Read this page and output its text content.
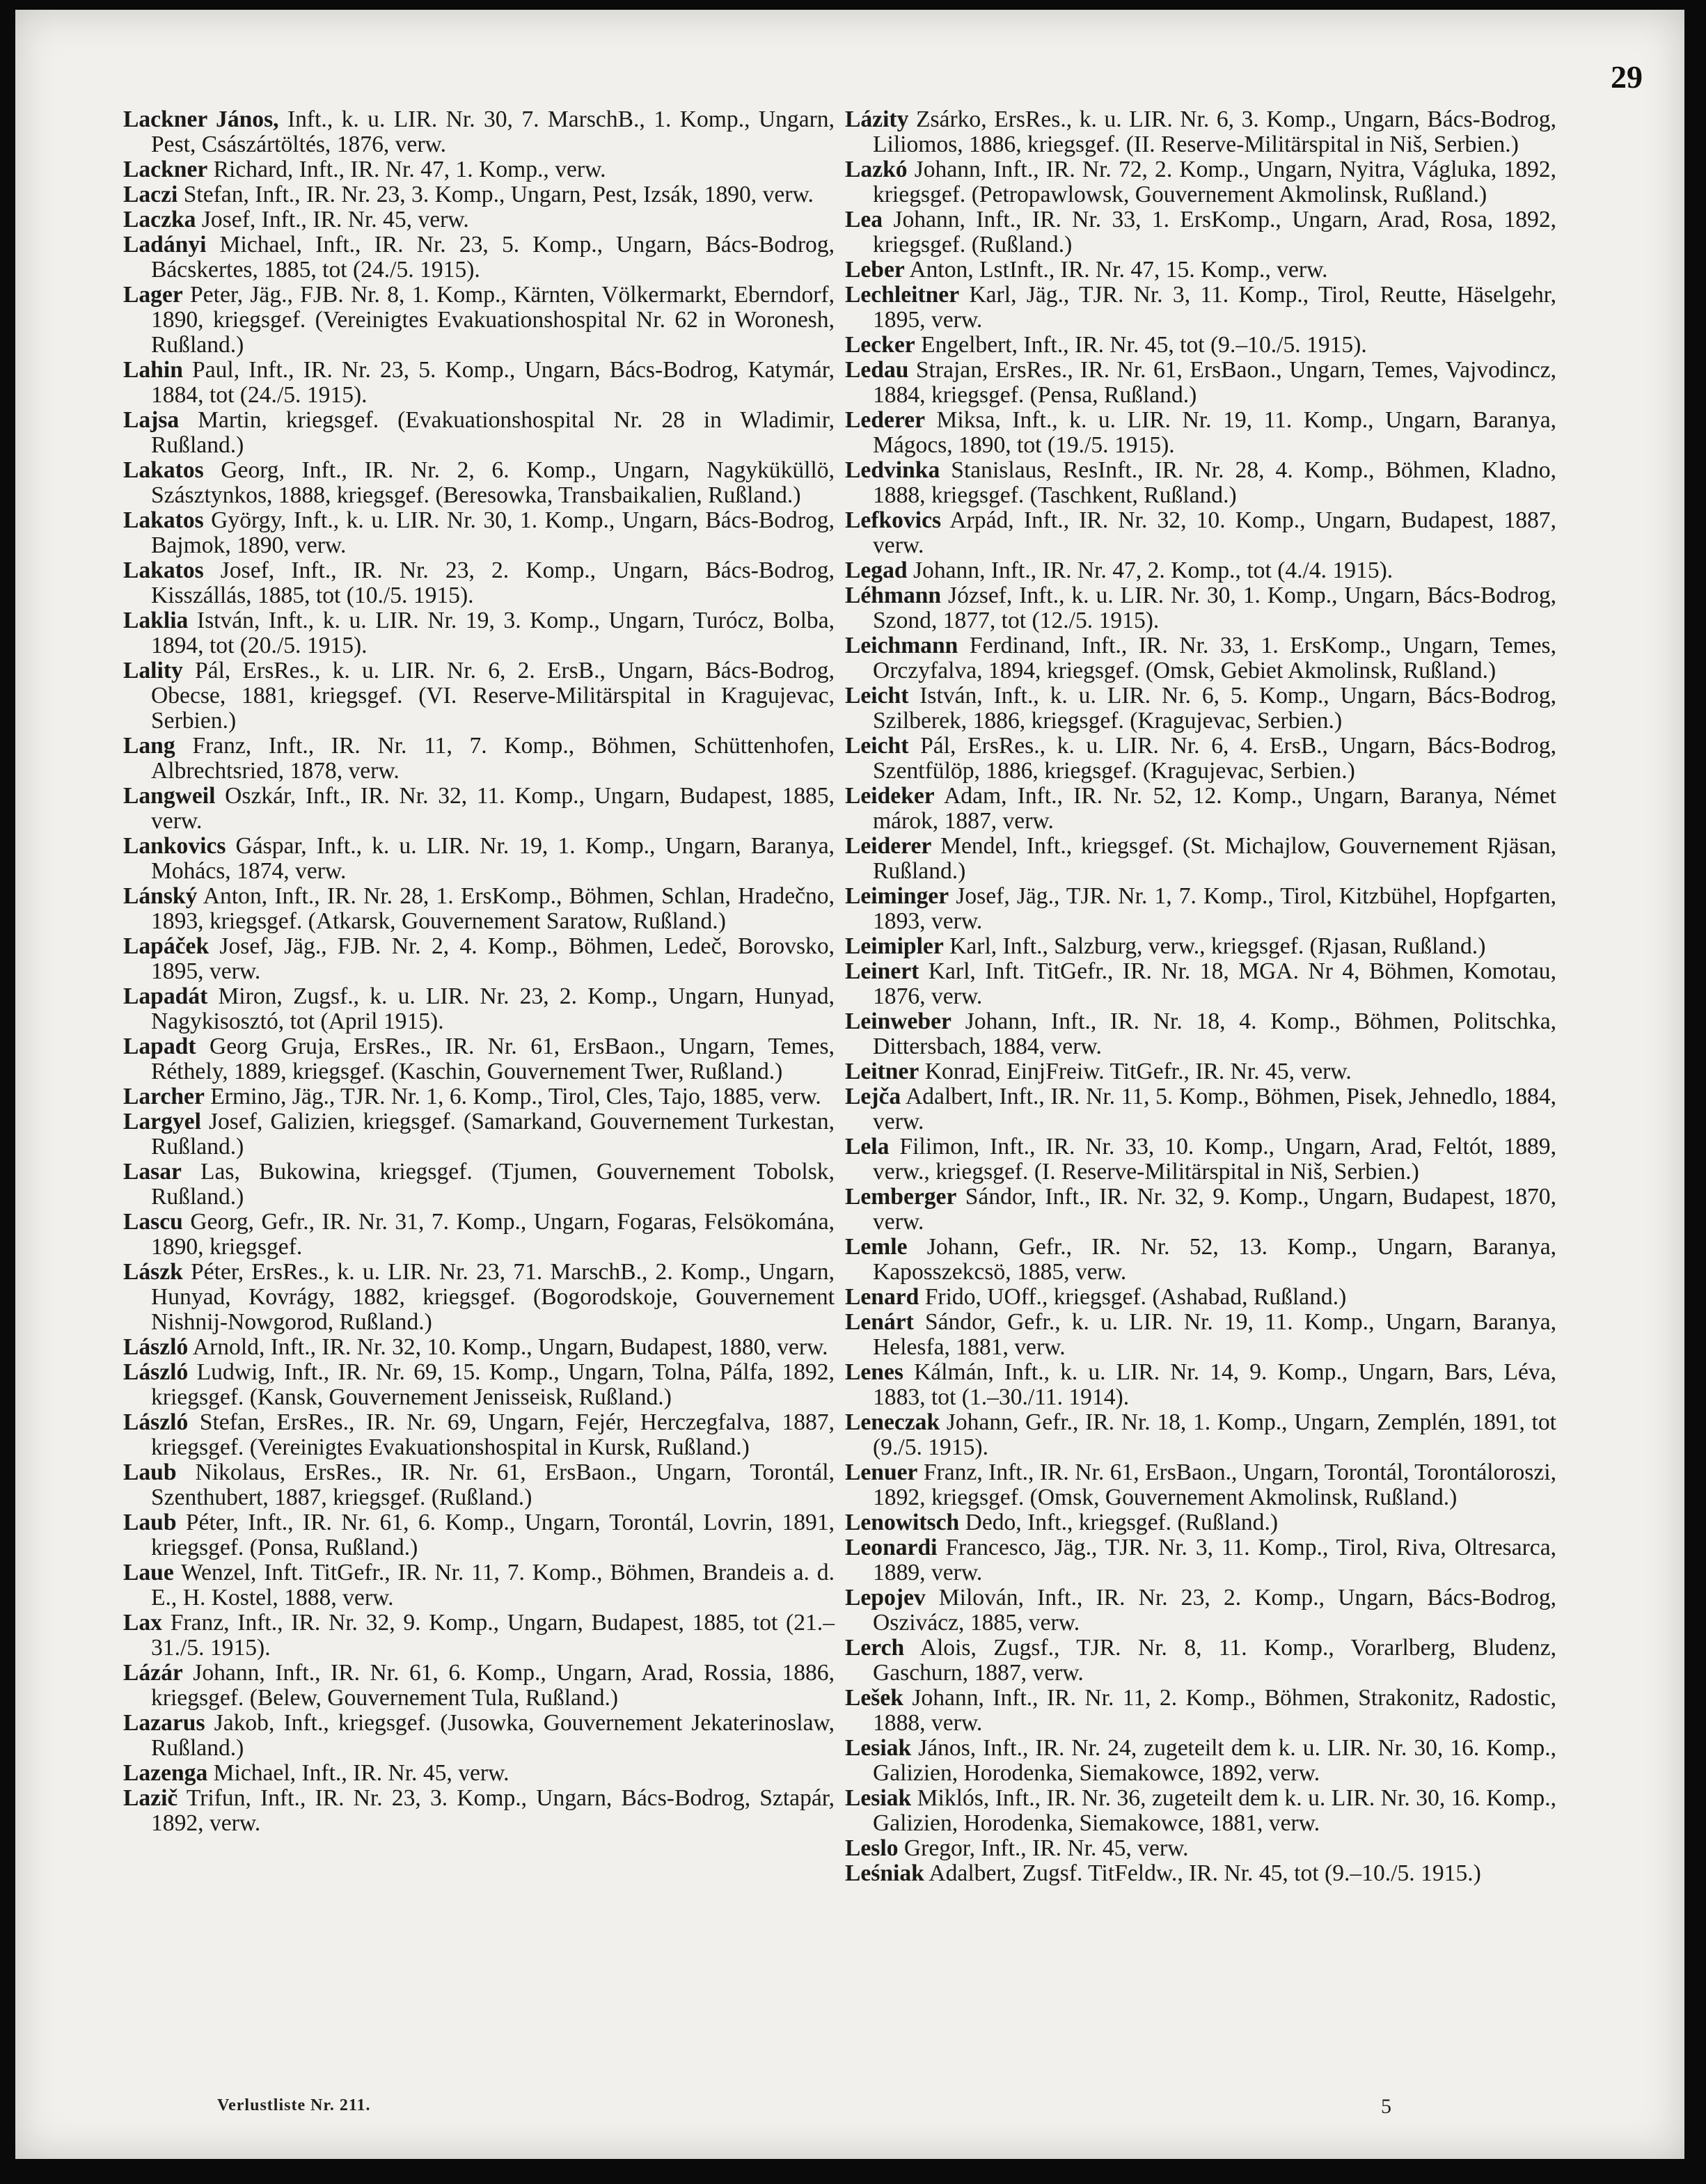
29

Lackner János, Inft., k. u. LIR. Nr. 30, 7. MarschB., 1. Komp., Ungarn, Pest, Császártöltés, 1876, verw.

Lackner Richard, Inft., IR. Nr. 47, 1. Komp., verw.

Laczi Stefan, Inft., IR. Nr. 23, 3. Komp., Ungarn, Pest, Izsák, 1890, verw.

Laczka Josef, Inft., IR. Nr. 45, verw.

Ladányi Michael, Inft., IR. Nr. 23, 5. Komp., Ungarn, Bács-Bodrog, Bácskertes, 1885, tot (24./5. 1915).

Lager Peter, Jäg., FJB. Nr. 8, 1. Komp., Kärnten, Völkermarkt, Eberndorf, 1890, kriegsgef. (Vereinigtes Evakuationshospital Nr. 62 in Woronesh, Rußland.)

Lahin Paul, Inft., IR. Nr. 23, 5. Komp., Ungarn, Bács-Bodrog, Katymár, 1884, tot (24./5. 1915).

Lajsa Martin, kriegsgef. (Evakuationshospital Nr. 28 in Wladimir, Rußland.)

Lakatos Georg, Inft., IR. Nr. 2, 6. Komp., Ungarn, Nagyküküllö, Szásztynkos, 1888, kriegsgef. (Beresowka, Transbaikalien, Rußland.)

Lakatos György, Inft., k. u. LIR. Nr. 30, 1. Komp., Ungarn, Bács-Bodrog, Bajmok, 1890, verw.

Lakatos Josef, Inft., IR. Nr. 23, 2. Komp., Ungarn, Bács-Bodrog, Kisszállás, 1885, tot (10./5. 1915).

Laklia István, Inft., k. u. LIR. Nr. 19, 3. Komp., Ungarn, Turócz, Bolba, 1894, tot (20./5. 1915).

Lality Pál, ErsRes., k. u. LIR. Nr. 6, 2. ErsB., Ungarn, Bács-Bodrog, Obecse, 1881, kriegsgef. (VI. Reserve-Militärspital in Kragujevac, Serbien.)

Lang Franz, Inft., IR. Nr. 11, 7. Komp., Böhmen, Schüttenhofen, Albrechtsried, 1878, verw.

Langweil Oszkár, Inft., IR. Nr. 32, 11. Komp., Ungarn, Budapest, 1885, verw.

Lankovics Gáspar, Inft., k. u. LIR. Nr. 19, 1. Komp., Ungarn, Baranya, Mohács, 1874, verw.

Lánský Anton, Inft., IR. Nr. 28, 1. ErsKomp., Böhmen, Schlan, Hradečno, 1893, kriegsgef. (Atkarsk, Gouvernement Saratow, Rußland.)

Lapáček Josef, Jäg., FJB. Nr. 2, 4. Komp., Böhmen, Ledeč, Borovsko, 1895, verw.

Lapadát Miron, Zugsf., k. u. LIR. Nr. 23, 2. Komp., Ungarn, Hunyad, Nagykisosztó, tot (April 1915).

Lapadt Georg Gruja, ErsRes., IR. Nr. 61, ErsBaon., Ungarn, Temes, Réthely, 1889, kriegsgef. (Kaschin, Gouvernement Twer, Rußland.)

Larcher Ermino, Jäg., TJR. Nr. 1, 6. Komp., Tirol, Cles, Tajo, 1885, verw.

Largyel Josef, Galizien, kriegsgef. (Samarkand, Gouvernement Turkestan, Rußland.)

Lasar Las, Bukowina, kriegsgef. (Tjumen, Gouvernement Tobolsk, Rußland.)

Lascu Georg, Gefr., IR. Nr. 31, 7. Komp., Ungarn, Fogaras, Felsökomána, 1890, kriegsgef.

Lászk Péter, ErsRes., k. u. LIR. Nr. 23, 71. MarschB., 2. Komp., Ungarn, Hunyad, Kovrágy, 1882, kriegsgef. (Bogorodskoje, Gouvernement Nishnij-Nowgorod, Rußland.)

László Arnold, Inft., IR. Nr. 32, 10. Komp., Ungarn, Budapest, 1880, verw.

László Ludwig, Inft., IR. Nr. 69, 15. Komp., Ungarn, Tolna, Pálfa, 1892, kriegsgef. (Kansk, Gouvernement Jenisseisk, Rußland.)

László Stefan, ErsRes., IR. Nr. 69, Ungarn, Fejér, Herczegfalva, 1887, kriegsgef. (Vereinigtes Evakuationshospital in Kursk, Rußland.)

Laub Nikolaus, ErsRes., IR. Nr. 61, ErsBaon., Ungarn, Torontál, Szenthubert, 1887, kriegsgef. (Rußland.)

Laub Péter, Inft., IR. Nr. 61, 6. Komp., Ungarn, Torontál, Lovrin, 1891, kriegsgef. (Ponsa, Rußland.)

Laue Wenzel, Inft. TitGefr., IR. Nr. 11, 7. Komp., Böhmen, Brandeis a. d. E., H. Kostel, 1888, verw.

Lax Franz, Inft., IR. Nr. 32, 9. Komp., Ungarn, Budapest, 1885, tot (21.–31./5. 1915).

Lázár Johann, Inft., IR. Nr. 61, 6. Komp., Ungarn, Arad, Rossia, 1886, kriegsgef. (Belew, Gouvernement Tula, Rußland.)

Lazarus Jakob, Inft., kriegsgef. (Jusowka, Gouvernement Jekaterinoslaw, Rußland.)

Lazenga Michael, Inft., IR. Nr. 45, verw.

Lazič Trifun, Inft., IR. Nr. 23, 3. Komp., Ungarn, Bács-Bodrog, Sztapár, 1892, verw.

Lázity Zsárko, ErsRes., k. u. LIR. Nr. 6, 3. Komp., Ungarn, Bács-Bodrog, Liliomos, 1886, kriegsgef. (II. Reserve-Militärspital in Niš, Serbien.)

Lazkó Johann, Inft., IR. Nr. 72, 2. Komp., Ungarn, Nyitra, Vágluka, 1892, kriegsgef. (Petropawlowsk, Gouvernement Akmolinsk, Rußland.)

Lea Johann, Inft., IR. Nr. 33, 1. ErsKomp., Ungarn, Arad, Rosa, 1892, kriegsgef. (Rußland.)

Leber Anton, LstInft., IR. Nr. 47, 15. Komp., verw.

Lechleitner Karl, Jäg., TJR. Nr. 3, 11. Komp., Tirol, Reutte, Häselgehr, 1895, verw.

Lecker Engelbert, Inft., IR. Nr. 45, tot (9.–10./5. 1915).

Ledau Strajan, ErsRes., IR. Nr. 61, ErsBaon., Ungarn, Temes, Vajvodincz, 1884, kriegsgef. (Pensa, Rußland.)

Lederer Miksa, Inft., k. u. LIR. Nr. 19, 11. Komp., Ungarn, Baranya, Mágocs, 1890, tot (19./5. 1915).

Ledvinka Stanislaus, ResInft., IR. Nr. 28, 4. Komp., Böhmen, Kladno, 1888, kriegsgef. (Taschkent, Rußland.)

Lefkovics Arpád, Inft., IR. Nr. 32, 10. Komp., Ungarn, Budapest, 1887, verw.

Legad Johann, Inft., IR. Nr. 47, 2. Komp., tot (4./4. 1915).

Léhmann József, Inft., k. u. LIR. Nr. 30, 1. Komp., Ungarn, Bács-Bodrog, Szond, 1877, tot (12./5. 1915).

Leichmann Ferdinand, Inft., IR. Nr. 33, 1. ErsKomp., Ungarn, Temes, Orczyfalva, 1894, kriegsgef. (Omsk, Gebiet Akmolinsk, Rußland.)

Leicht István, Inft., k. u. LIR. Nr. 6, 5. Komp., Ungarn, Bács-Bodrog, Szilberek, 1886, kriegsgef. (Kragujevac, Serbien.)

Leicht Pál, ErsRes., k. u. LIR. Nr. 6, 4. ErsB., Ungarn, Bács-Bodrog, Szentfülöp, 1886, kriegsgef. (Kragujevac, Serbien.)

Leideker Adam, Inft., IR. Nr. 52, 12. Komp., Ungarn, Baranya, Német márok, 1887, verw.

Leiderer Mendel, Inft., kriegsgef. (St. Michajlow, Gouvernement Rjäsan, Rußland.)

Leiminger Josef, Jäg., TJR. Nr. 1, 7. Komp., Tirol, Kitzbühel, Hopfgarten, 1893, verw.

Leimipler Karl, Inft., Salzburg, verw., kriegsgef. (Rjasan, Rußland.)

Leinert Karl, Inft. TitGefr., IR. Nr. 18, MGA. Nr 4, Böhmen, Komotau, 1876, verw.

Leinweber Johann, Inft., IR. Nr. 18, 4. Komp., Böhmen, Politschka, Dittersbach, 1884, verw.

Leitner Konrad, EinjFreiw. TitGefr., IR. Nr. 45, verw.

Lejča Adalbert, Inft., IR. Nr. 11, 5. Komp., Böhmen, Pisek, Jehnedlo, 1884, verw.

Lela Filimon, Inft., IR. Nr. 33, 10. Komp., Ungarn, Arad, Feltót, 1889, verw., kriegsgef. (I. Reserve-Militärspital in Niš, Serbien.)

Lemberger Sándor, Inft., IR. Nr. 32, 9. Komp., Ungarn, Budapest, 1870, verw.

Lemle Johann, Gefr., IR. Nr. 52, 13. Komp., Ungarn, Baranya, Kaposszekcsö, 1885, verw.

Lenard Frido, UOff., kriegsgef. (Ashabad, Rußland.)

Lenárt Sándor, Gefr., k. u. LIR. Nr. 19, 11. Komp., Ungarn, Baranya, Helesfa, 1881, verw.

Lenes Kálmán, Inft., k. u. LIR. Nr. 14, 9. Komp., Ungarn, Bars, Léva, 1883, tot (1.–30./11. 1914).

Leneczak Johann, Gefr., IR. Nr. 18, 1. Komp., Ungarn, Zemplén, 1891, tot (9./5. 1915).

Lenuer Franz, Inft., IR. Nr. 61, ErsBaon., Ungarn, Torontál, Torontáloroszi, 1892, kriegsgef. (Omsk, Gouvernement Akmolinsk, Rußland.)

Lenowitsch Dedo, Inft., kriegsgef. (Rußland.)

Leonardi Francesco, Jäg., TJR. Nr. 3, 11. Komp., Tirol, Riva, Oltresarca, 1889, verw.

Lepojev Milován, Inft., IR. Nr. 23, 2. Komp., Ungarn, Bács-Bodrog, Oszivácz, 1885, verw.

Lerch Alois, Zugsf., TJR. Nr. 8, 11. Komp., Vorarlberg, Bludenz, Gaschurn, 1887, verw.

Lešek Johann, Inft., IR. Nr. 11, 2. Komp., Böhmen, Strakonitz, Radostic, 1888, verw.

Lesiak János, Inft., IR. Nr. 24, zugeteilt dem k. u. LIR. Nr. 30, 16. Komp., Galizien, Horodenka, Siemakowce, 1892, verw.

Lesiak Miklós, Inft., IR. Nr. 36, zugeteilt dem k. u. LIR. Nr. 30, 16. Komp., Galizien, Horodenka, Siemakowce, 1881, verw.

Leslo Gregor, Inft., IR. Nr. 45, verw.

Leśniak Adalbert, Zugsf. TitFeldw., IR. Nr. 45, tot (9.–10./5. 1915.)

Verlustliste Nr. 211.	5
